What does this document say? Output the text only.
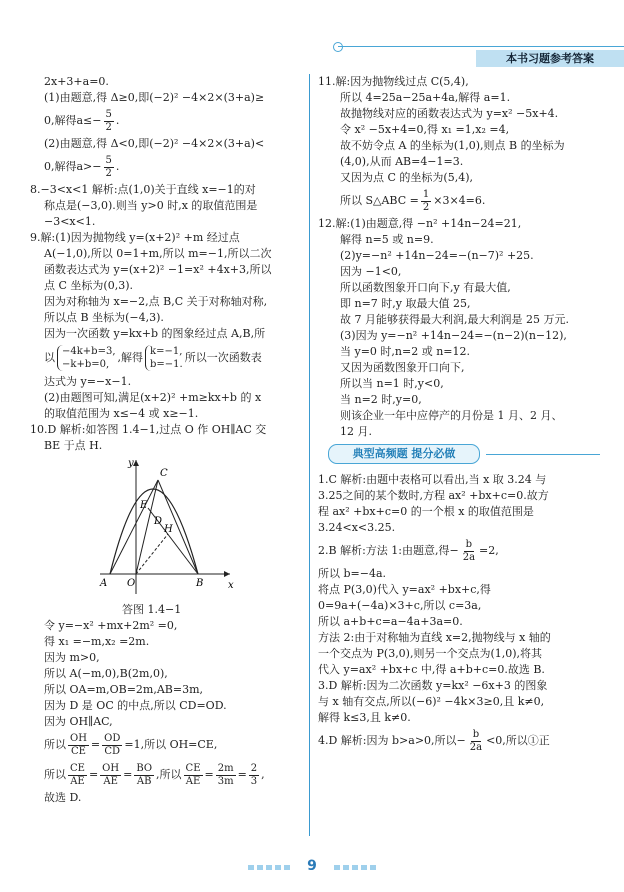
本书习题参考答案
2x+3+a=0.
(1)由题意,得 Δ≥0,即(−2)² −4×2×(3+a)≥
0,解得$a\le- \frac{5}{2}$ .
(2)由题意,得 Δ<0,即(−2)² −4×2×(3+a)<
0,解得$a>- \frac{5}{2}$ .
8.−3<x<1 解析:点(1,0)关于直线 x=−1的对
称点是(−3,0).则当 y>0 时,x 的取值范围是
−3<x<1.
9.解:(1)因为抛物线 y=(x+2)² +m 经过点
A(−1,0),所以 0=1+m,所以 m=−1,所以二次
函数表达式为 y=(x+2)² −1=x² +4x+3,所以
点 C 坐标为(0,3).
因为对称轴为 x=−2,点 B,C 关于对称轴对称,
所以点 B 坐标为(−4,3).
因为一次函数 y=kx+b 的图象经过点 A,B,所
以 −4k+b=3,
−k+b=0,
,解得 k=−1,
b=−1.
所以一次函数表
达式为 y=−x−1.
(2)由题图可知,满足(x+2)² +m≥kx+b 的 x
的取值范围为 x≤−4 或 x≥−1.
10.D 解析:如答图 1.4−1,过点 O 作 OH∥AC 交
BE 于点 H.
y
x
C
E
D
H
A O	B
答图 1.4−1
令 y=−x² +mx+2m² =0,
得 x₁ =−m,x₂ =2m.
因为 m>0,
所以 A(−m,0),B(2m,0),
所以 OA=m,OB=2m,AB=3m,
因为 D 是 OC 的中点,所以 CD=OD.
因为 OH∥AC,
所以 $\frac{OH}{CE} = \frac{OD}{CD} =1$,所以 OH=CE,
所以 $\frac{CE}{AE} = \frac{OH}{AE} = \frac{BO}{AB}$ ,所以 $\frac{CE}{AE} = \frac{2m}{3m} = \frac{2}{3}$ ,
故选 D.
11.解:因为抛物线过点 C(5,4),
所以 4=25a−25a+4a,解得 a=1.
故抛物线对应的函数表达式为 y=x² −5x+4.
令 x² −5x+4=0,得 x₁ =1,x₂ =4,
故不妨令点 A 的坐标为(1,0),则点 B 的坐标为
(4,0),从而 AB=4−1=3.
又因为点 C 的坐标为(5,4),
所以 S△ABC = $\frac{1}{2} \times 3\times 4=6$.
12.解:(1)由题意,得 −n² +14n−24=21,
解得 n=5 或 n=9.
(2)y=−n² +14n−24=−(n−7)² +25.
因为 −1<0,
所以函数图象开口向下,y 有最大值,
即 n=7 时,y 取最大值 25,
故 7 月能够获得最大利润,最大利润是 25 万元.
(3)因为 y=−n² +14n−24=−(n−2)(n−12),
当 y=0 时,n=2 或 n=12.
又因为函数图象开口向下,
所以当 n=1 时,y<0,
当 n=2 时,y=0,
则该企业一年中应停产的月份是 1 月、2 月、
12 月.
典型高频题 提分必做
1.C 解析:由题中表格可以看出,当 x 取 3.24 与
3.25之间的某个数时,方程 ax² +bx+c=0.故方
程 ax² +bx+c=0 的一个根 x 的取值范围是
3.24<x<3.25.
2.B 解析:方法 1:由题意,得− $\frac{b}{2a} =2$,
所以 b=−4a.
将点 P(3,0)代入 y=ax² +bx+c,得
0=9a+(−4a)×3+c,所以 c=3a,
所以 a+b+c=a−4a+3a=0.
方法 2:由于对称轴为直线 x=2,抛物线与 x 轴的
一个交点为 P(3,0),则另一个交点为(1,0),将其
代入 y=ax² +bx+c 中,得 a+b+c=0.故选 B.
3.D 解析:因为二次函数 y=kx² −6x+3 的图象
与 x 轴有交点,所以(−6)² −4k×3≥0,且 k≠0,
解得 k≤3,且 k≠0.
4.D 解析:因为 b>a>0,所以− $\frac{b}{2a} <0$,所以①正
9
